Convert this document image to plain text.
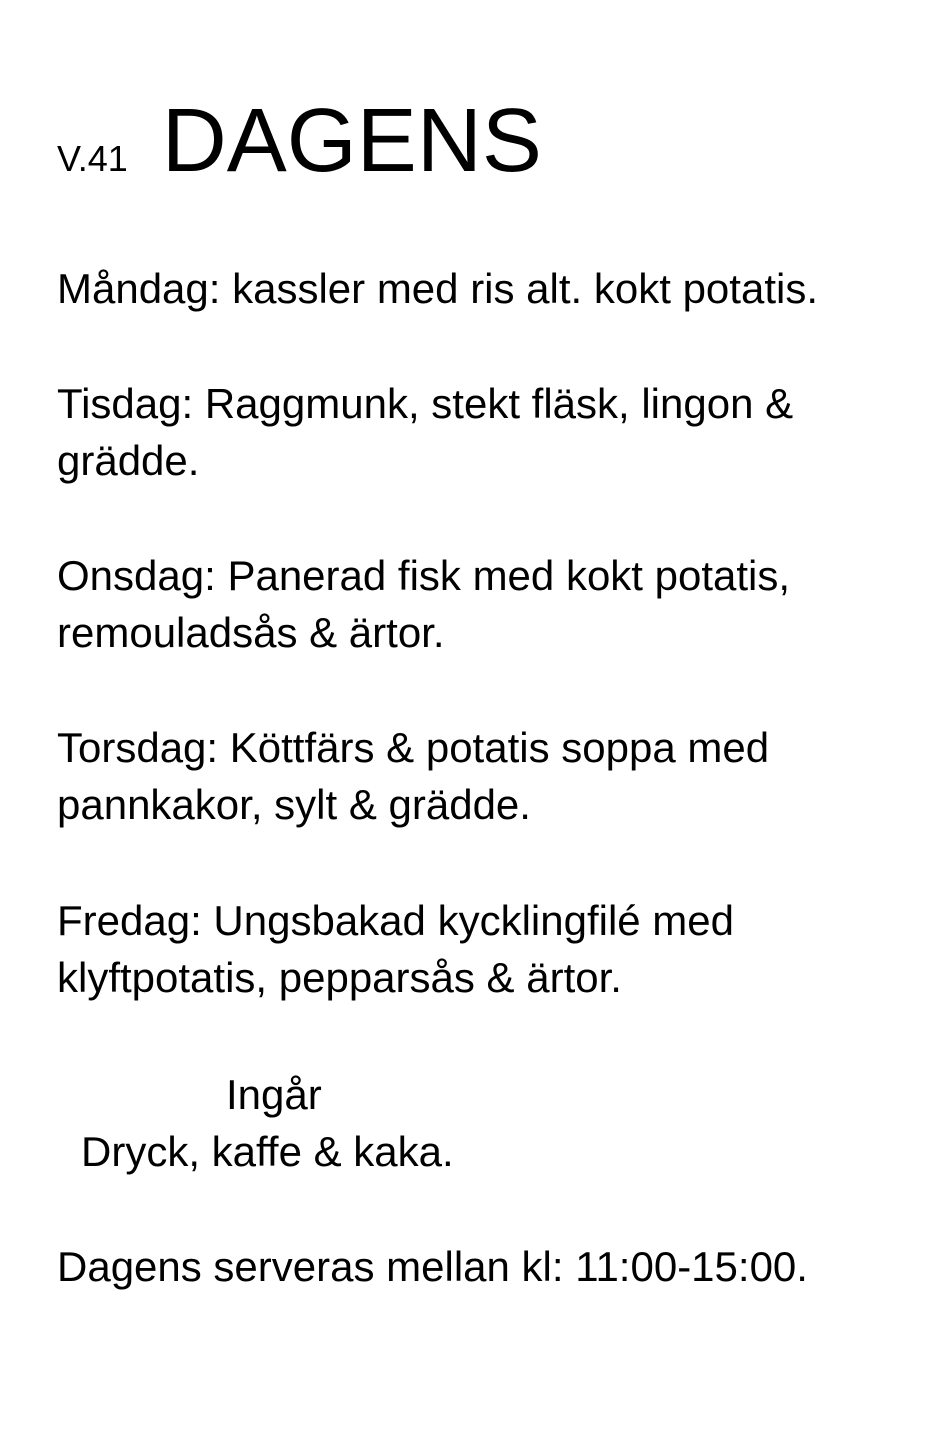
V.41 DAGENS
Måndag: kassler med ris alt. kokt potatis.
Tisdag: Raggmunk, stekt fläsk, lingon &
grädde.
Onsdag: Panerad fisk med kokt potatis,
remouladsås & ärtor.
Torsdag: Köttfärs & potatis soppa med
pannkakor, sylt & grädde.
Fredag: Ungsbakad kycklingfilé med
klyftpotatis, pepparsås & ärtor.
Ingår
Dryck, kaffe & kaka.
Dagens serveras mellan kl: 11:00-15:00.
